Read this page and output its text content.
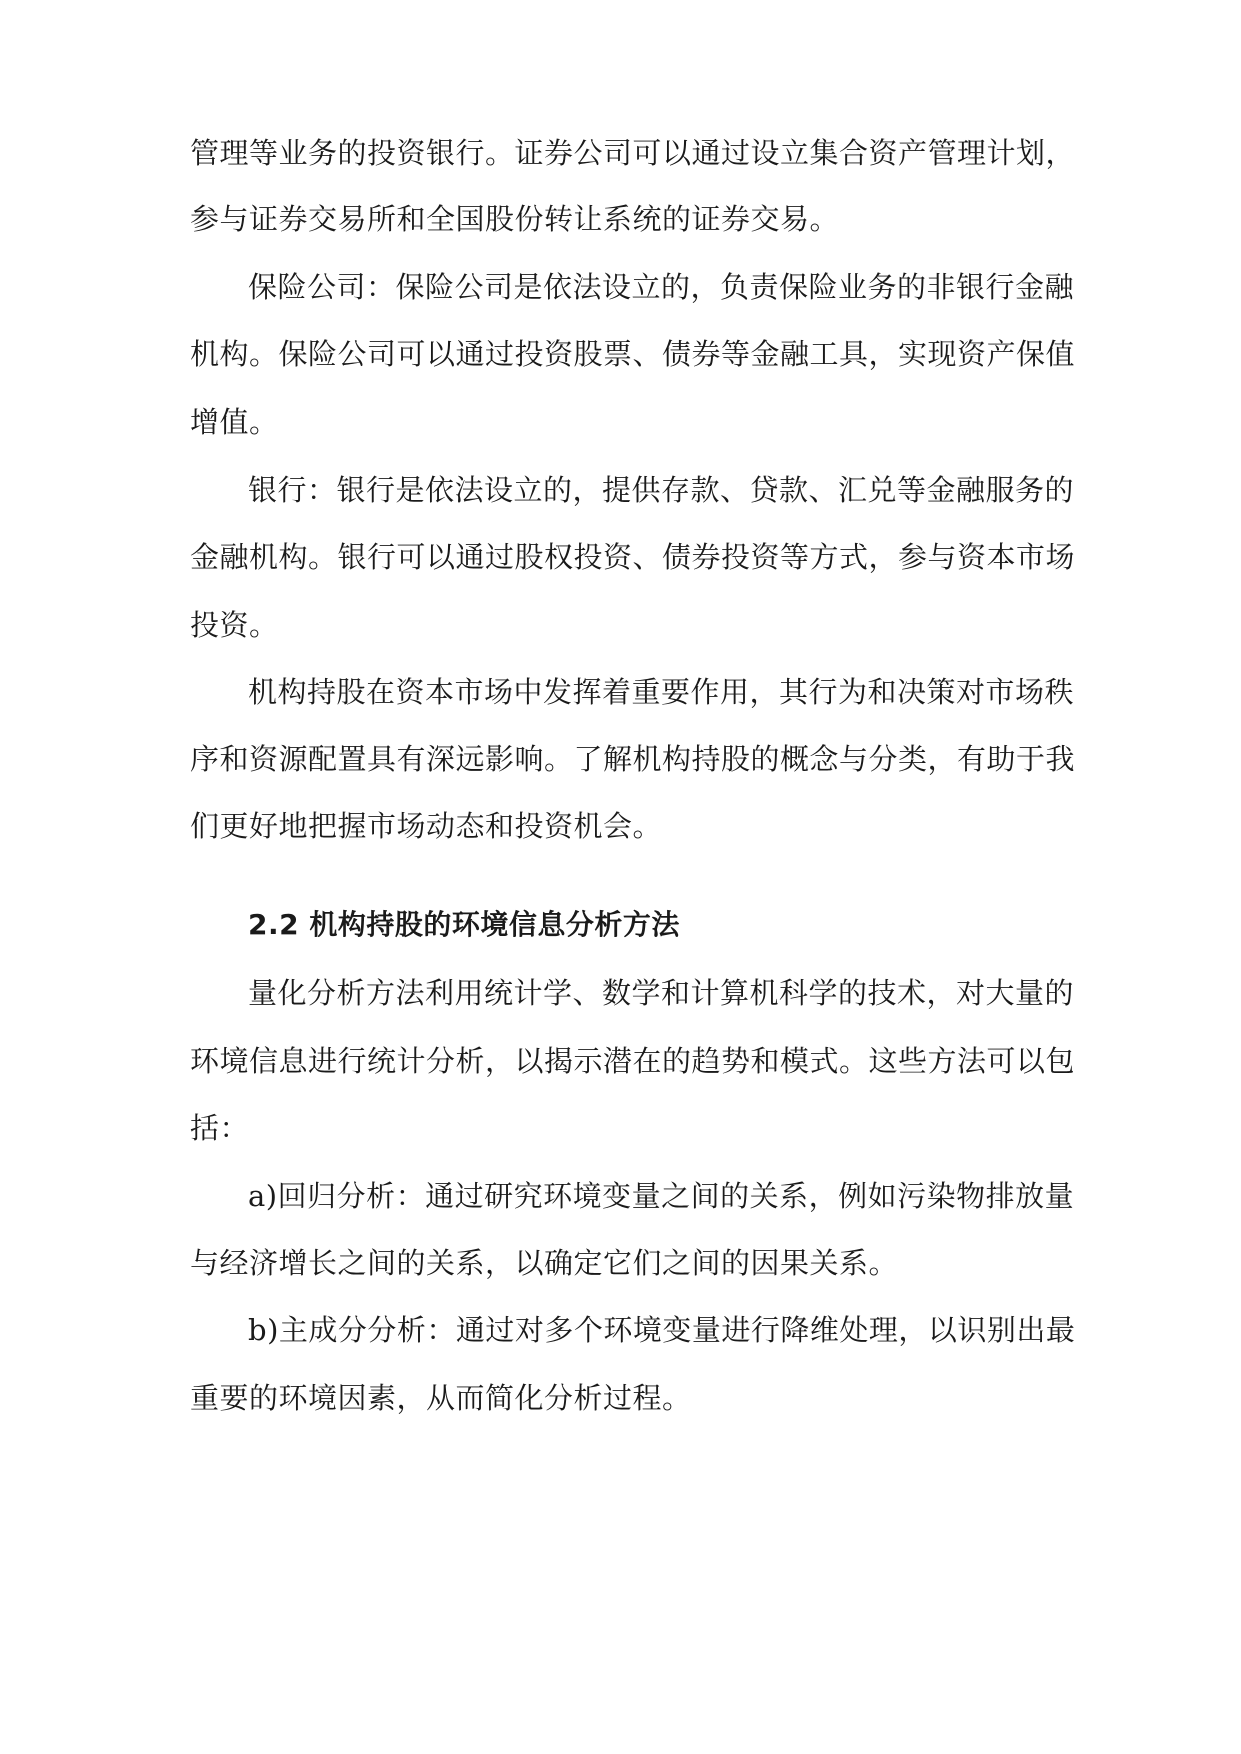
管理等业务的投资银行。证券公司可以通过设立集合资产管理计划，
参与证券交易所和全国股份转让系统的证券交易。
保险公司：保险公司是依法设立的，负责保险业务的非银行金融
机构。保险公司可以通过投资股票、债券等金融工具，实现资产保值
增值。
银行：银行是依法设立的，提供存款、贷款、汇兑等金融服务的
金融机构。银行可以通过股权投资、债券投资等方式，参与资本市场
投资。
机构持股在资本市场中发挥着重要作用，其行为和决策对市场秩
序和资源配置具有深远影响。了解机构持股的概念与分类，有助于我
们更好地把握市场动态和投资机会。
2.2 机构持股的环境信息分析方法
量化分析方法利用统计学、数学和计算机科学的技术，对大量的
环境信息进行统计分析，以揭示潜在的趋势和模式。这些方法可以包
括：
a)回归分析：通过研究环境变量之间的关系，例如污染物排放量
与经济增长之间的关系，以确定它们之间的因果关系。
b)主成分分析：通过对多个环境变量进行降维处理，以识别出最
重要的环境因素，从而简化分析过程。
